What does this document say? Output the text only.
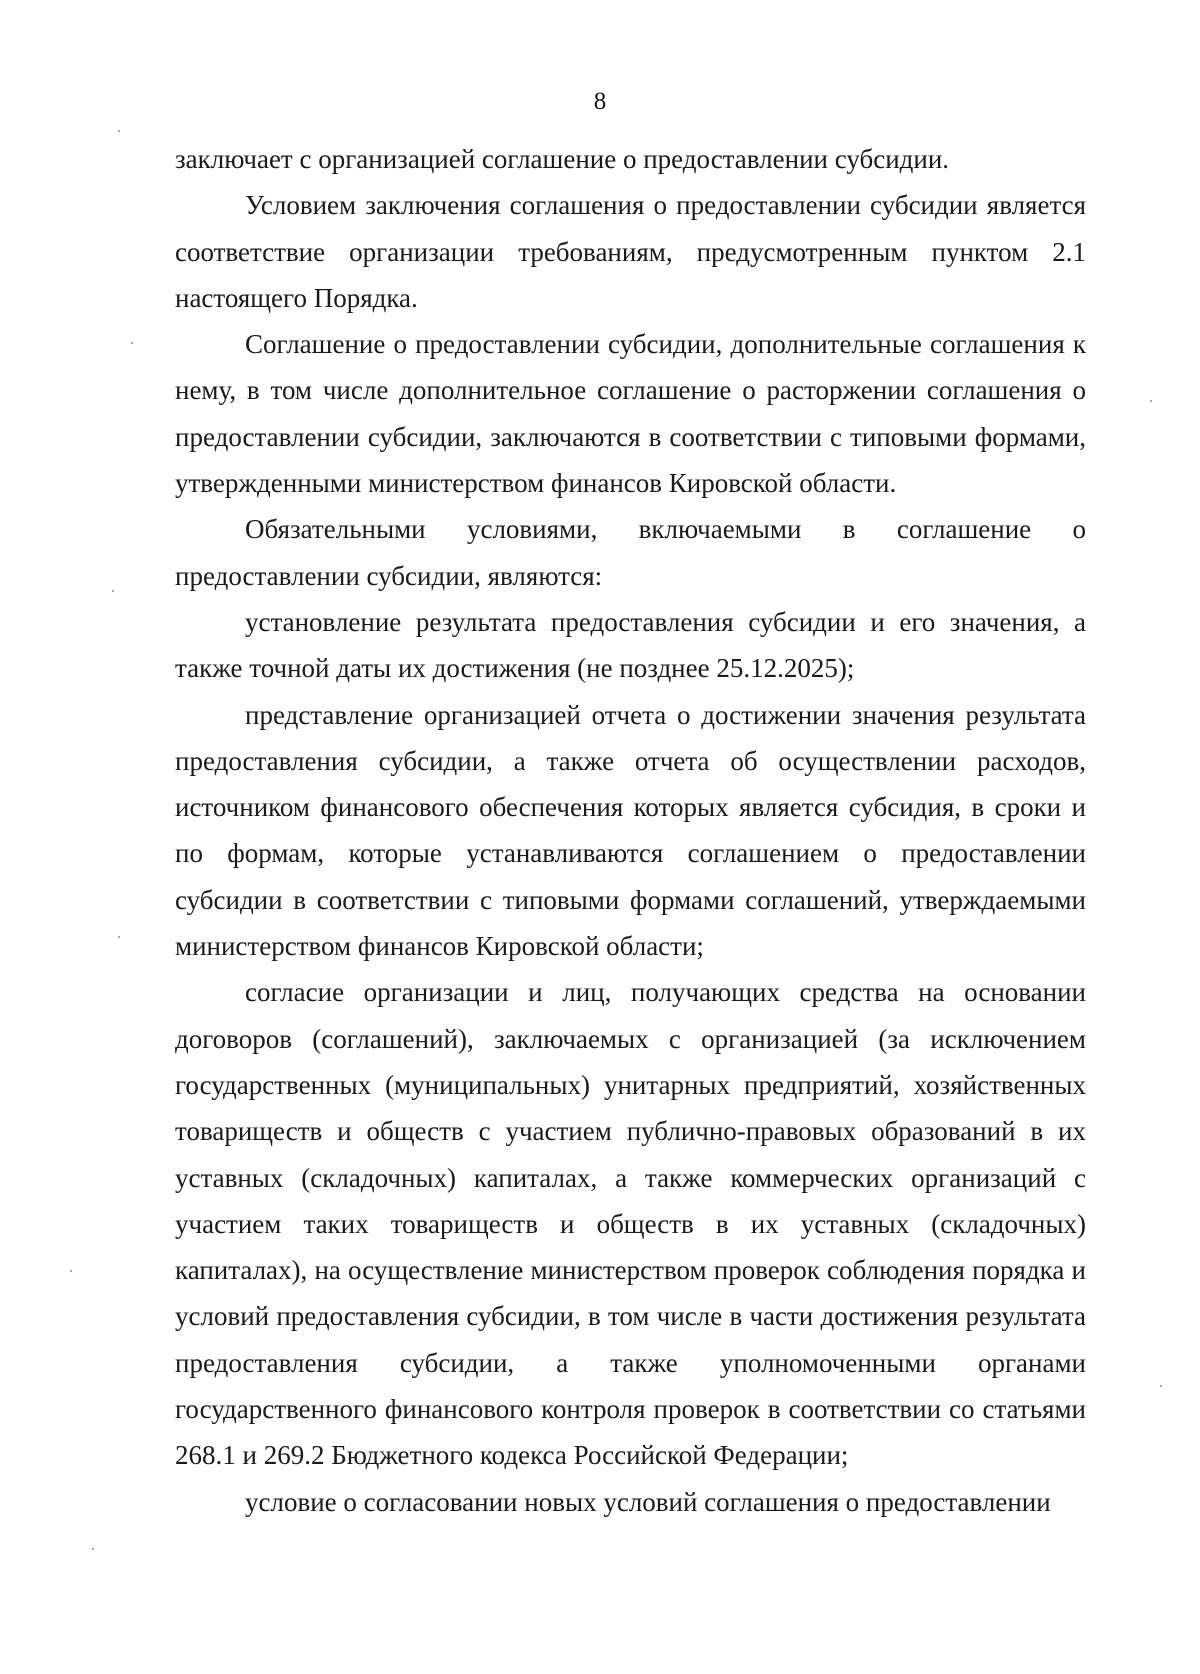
8

заключает с организацией соглашение о предоставлении субсидии.

Условием заключения соглашения о предоставлении субсидии является соответствие организации требованиям, предусмотренным пунктом 2.1 настоящего Порядка.

Соглашение о предоставлении субсидии, дополнительные соглашения к нему, в том числе дополнительное соглашение о расторжении соглашения о предоставлении субсидии, заключаются в соответствии с типовыми формами, утвержденными министерством финансов Кировской области.

Обязательными условиями, включаемыми в соглашение о предоставлении субсидии, являются:

установление результата предоставления субсидии и его значения, а также точной даты их достижения (не позднее 25.12.2025);

представление организацией отчета о достижении значения результата предоставления субсидии, а также отчета об осуществлении расходов, источником финансового обеспечения которых является субсидия, в сроки и по формам, которые устанавливаются соглашением о предоставлении субсидии в соответствии с типовыми формами соглашений, утверждаемыми министерством финансов Кировской области;

согласие организации и лиц, получающих средства на основании договоров (соглашений), заключаемых с организацией (за исключением государственных (муниципальных) унитарных предприятий, хозяйственных товариществ и обществ с участием публично-правовых образований в их уставных (складочных) капиталах, а также коммерческих организаций с участием таких товариществ и обществ в их уставных (складочных) капиталах), на осуществление министерством проверок соблюдения порядка и условий предоставления субсидии, в том числе в части достижения результата предоставления субсидии, а также уполномоченными органами государственного финансового контроля проверок в соответствии со статьями 268.1 и 269.2 Бюджетного кодекса Российской Федерации;

условие о согласовании новых условий соглашения о предоставлении
